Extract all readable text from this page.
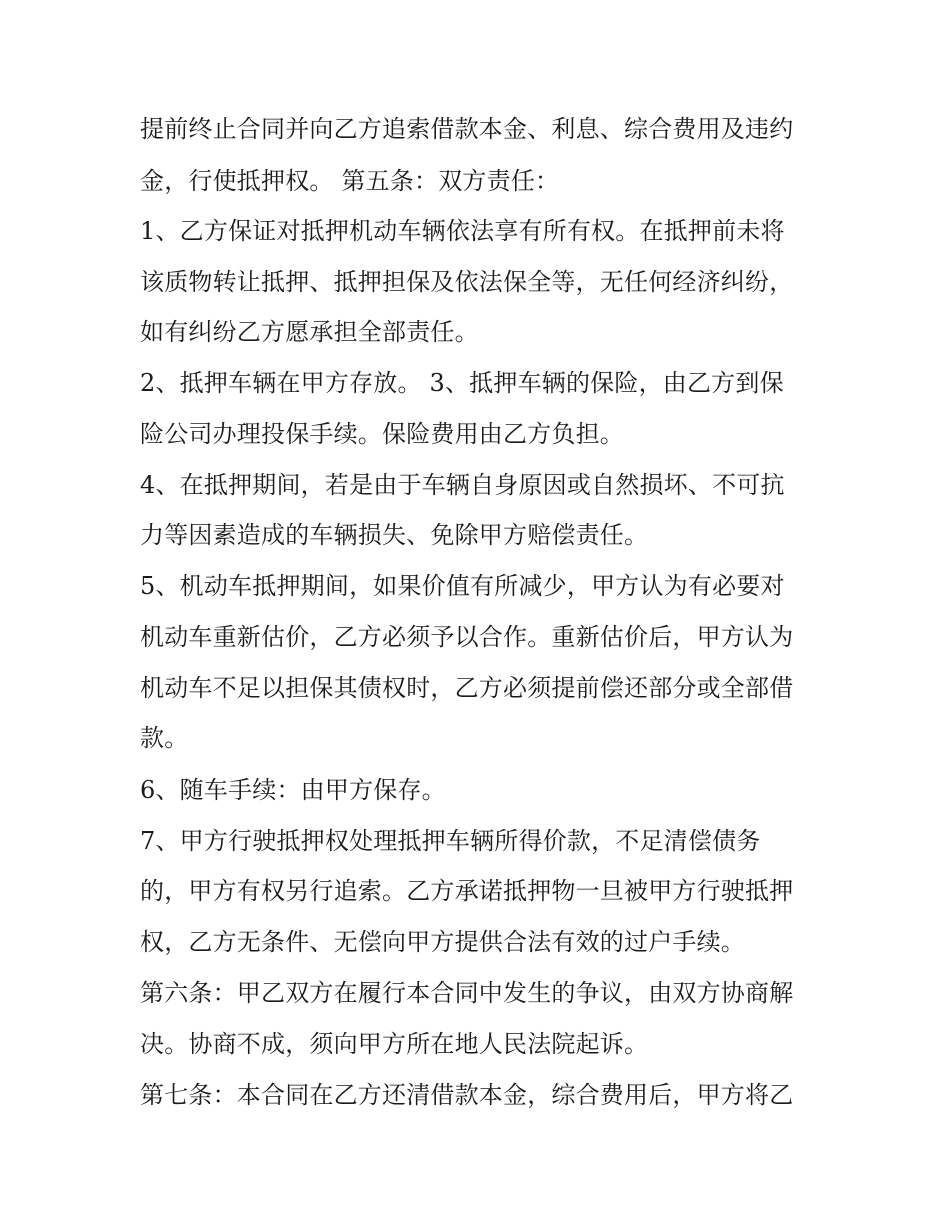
提前终止合同并向乙方追索借款本金、利息、综合费用及违约
金，行使抵押权。 第五条：双方责任：
1、乙方保证对抵押机动车辆依法享有所有权。在抵押前未将
该质物转让抵押、抵押担保及依法保全等，无任何经济纠纷，
如有纠纷乙方愿承担全部责任。
2、抵押车辆在甲方存放。 3、抵押车辆的保险，由乙方到保
险公司办理投保手续。保险费用由乙方负担。
4、在抵押期间，若是由于车辆自身原因或自然损坏、不可抗
力等因素造成的车辆损失、免除甲方赔偿责任。
5、机动车抵押期间，如果价值有所减少，甲方认为有必要对
机动车重新估价，乙方必须予以合作。重新估价后，甲方认为
机动车不足以担保其债权时，乙方必须提前偿还部分或全部借
款。
6、随车手续：由甲方保存。
7、甲方行驶抵押权处理抵押车辆所得价款，不足清偿债务
的，甲方有权另行追索。乙方承诺抵押物一旦被甲方行驶抵押
权，乙方无条件、无偿向甲方提供合法有效的过户手续。
第六条：甲乙双方在履行本合同中发生的争议，由双方协商解
决。协商不成，须向甲方所在地人民法院起诉。
第七条：本合同在乙方还清借款本金，综合费用后，甲方将乙
